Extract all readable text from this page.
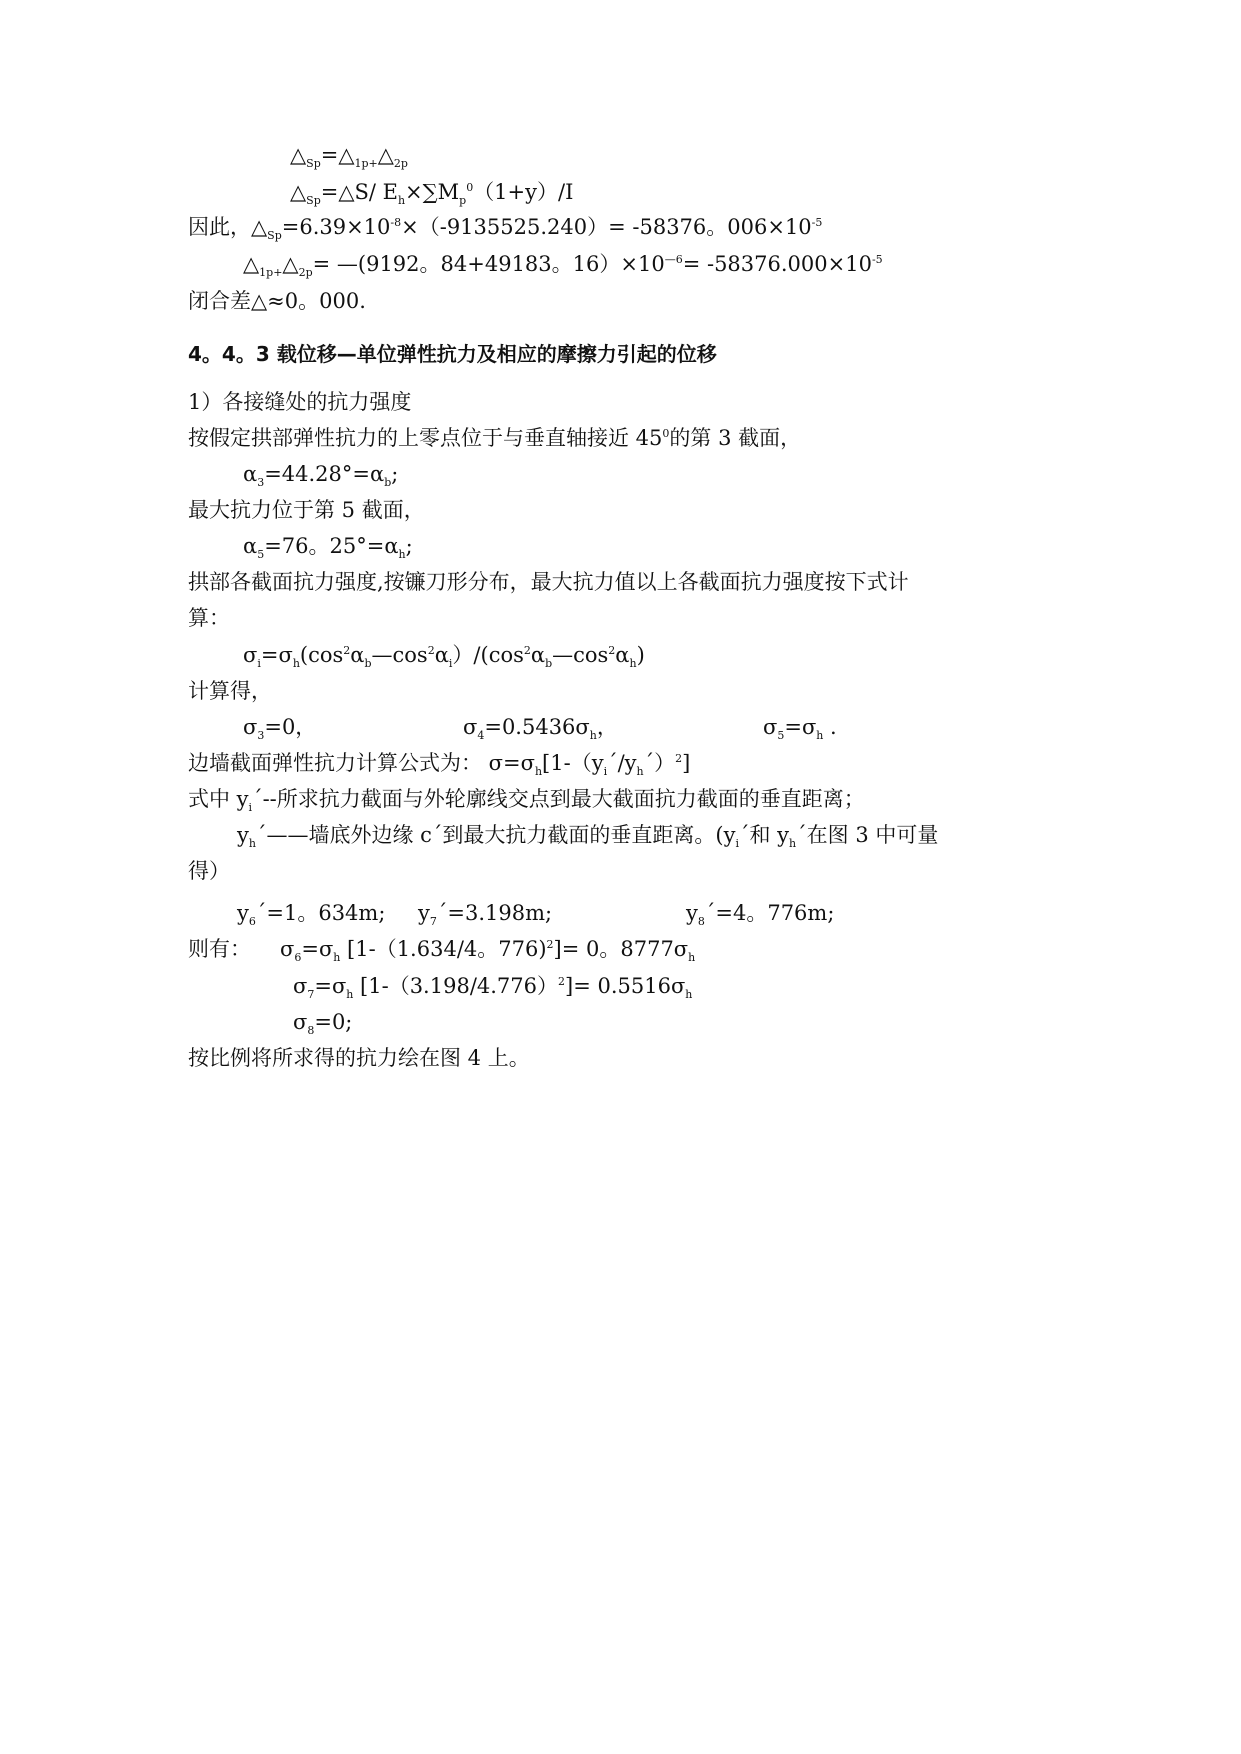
$\triangle_{Sp}=\triangle_{1p+}\triangle_{2p}$
$\triangle_{Sp}=\triangle S/$ $E_h\times\sum M_p^0(1+y)/I$
因此，$\triangle_{Sp}=6.39\times 10^{-8}\times(-9135525.240)= -58376$。$006\times 10^{-5}$
$\triangle_{1p+}\triangle_{2p}=$ —(9192。84+49183。$16)\times 10^{—6}= -58376.000\times 10^{-5}$
闭合差△≈0。000.
4。4。3 载位移—单位弹性抗力及相应的摩擦力引起的位移
1）各接缝处的抗力强度
按假定拱部弹性抗力的上零点位于与垂直轴接近 $45^0$的第 3 截面，
$\alpha_3=44.28^\circ=\alpha_b$;
最大抗力位于第 5 截面，
$\alpha_5=76$。$25^\circ=\alpha_h$;
拱部各截面抗力强度,按镰刀形分布，最大抗力值以上各截面抗力强度按下式计
算：
$\sigma_i=\sigma_h(\cos^2\alpha_b—\cos^2\alpha_i)/(\cos^2\alpha_b—\cos^2\alpha_h)$
计算得，
$\sigma_3=0$，	$\sigma_4=0.5436\sigma_h$，	$\sigma_5=\sigma_h$ .
边墙截面弹性抗力计算公式为： $\sigma=\sigma_h[1-(y_i´/y_h´)^2]$
式中 $y_i´--$所求抗力截面与外轮廓线交点到最大截面抗力截面的垂直距离；
$y_h´——$墙底外边缘 c´到最大抗力截面的垂直距离。($y_i´$和 $y_h´$在图 3 中可量
得）
$y_6´=1$。634m; $y_7´=3.198m$;	$y_8´=4$。776m;
则有： $\sigma_6=\sigma_h$ [1-（1.634/4。776)$^2$]= 0。$8777\sigma_h$
$\sigma_7=\sigma_h$ $[1-(3.198/4.776)^2]= 0.5516\sigma_h$
$\sigma_8=0$;
按比例将所求得的抗力绘在图 4 上。
